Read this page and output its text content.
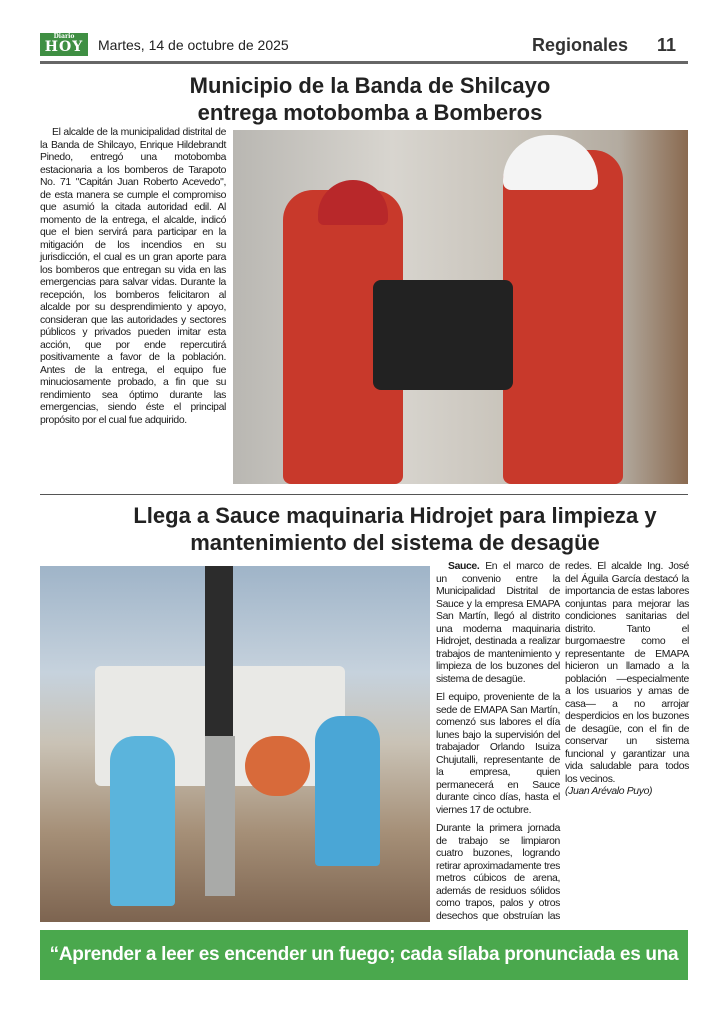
Diario
HOY	Martes, 14 de octubre de 2025	Regionales 11
Municipio de la Banda de Shilcayo
entrega motobomba a Bomberos

El alcalde de la municipalidad distrital de la Banda de Shilcayo, Enrique Hildebrandt Pinedo, entregó una motobomba estacionaria a los bomberos de Tarapoto No. 71 "Capitán Juan Roberto Acevedo", de esta manera se cumple el compromiso que asumió la citada autoridad edil. Al momento de la entrega, el alcalde, indicó que el bien servirá para participar en la mitigación de los incendios en su jurisdicción, el cual es un gran aporte para los bomberos que entregan su vida en las emergencias para salvar vidas. Durante la recepción, los bomberos felicitaron al alcalde por su desprendimiento y apoyo, consideran que las autoridades y sectores públicos y privados pueden imitar esta acción, que por ende repercutirá positivamente a favor de la población. Antes de la entrega, el equipo fue minuciosamente probado, a fin que su rendimiento sea óptimo durante las emergencias, siendo éste el principal propósito por el cual fue adquirido.

Llega a Sauce maquinaria Hidrojet para limpieza y
mantenimiento del sistema de desagüe

Sauce. En el marco de un convenio entre la Municipalidad Distrital de Sauce y la empresa EMAPA San Martín, llegó al distrito una moderna maquinaria Hidrojet, destinada a realizar trabajos de mantenimiento y limpieza de los buzones del sistema de desagüe.

El equipo, proveniente de la sede de EMAPA San Martín, comenzó sus labores el día lunes bajo la supervisión del trabajador Orlando Isuiza Chujutalli, representante de la empresa, quien permanecerá en Sauce durante cinco días, hasta el viernes 17 de octubre.

Durante la primera jornada de trabajo se limpiaron cuatro buzones, logrando retirar aproximadamente tres metros cúbicos de arena, además de residuos sólidos como trapos, palos y otros desechos que obstruían las redes. El alcalde Ing. José del Águila García destacó la importancia de estas labores conjuntas para mejorar las condiciones sanitarias del distrito. Tanto el burgomaestre como el representante de EMAPA hicieron un llamado a la población —especialmente a los usuarios y amas de casa— a no arrojar desperdicios en los buzones de desagüe, con el fin de conservar un sistema funcional y garantizar una vida saludable para todos los vecinos.

(Juan Arévalo Puyo)

“Aprender a leer es encender un fuego; cada sílaba pronunciada es una chispa”.
